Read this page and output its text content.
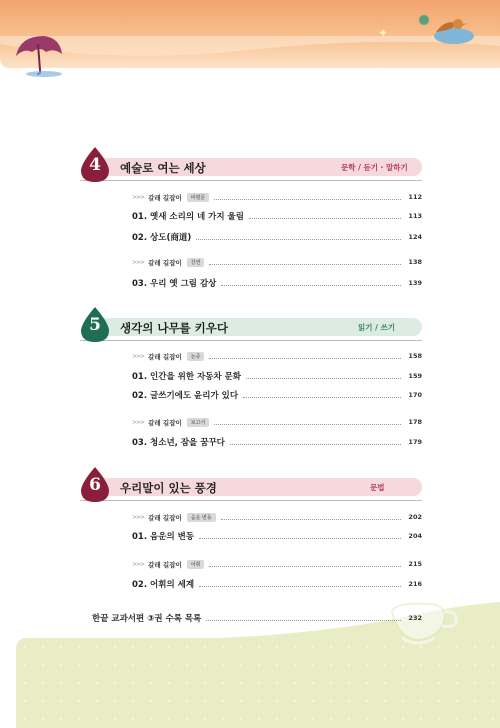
✦
4	예술로 여는 세상	문학 / 듣기 · 말하기
>>> 갈래 길잡이	비평문	112
01. 옛새 소리의 네 가지 울림	113
02. 상도(商道)	124
>>> 갈래 길잡이	강연	138
03. 우리 옛 그림 감상	139
5	생각의 나무를 키우다	읽기 / 쓰기
>>> 갈래 길잡이	논증	158
01. 인간을 위한 자동차 문화	159
02. 글쓰기에도 윤리가 있다	170
>>> 갈래 길잡이	보고서	178
03. 청소년, 잠을 꿈꾸다	179
6	우리말이 있는 풍경	문법
>>> 갈래 길잡이	음운 변동	202
01. 음운의 변동	204
>>> 갈래 길잡이	어휘	215
02. 어휘의 세계	216
한끝 교과서편 ③권 수록 목록	232
